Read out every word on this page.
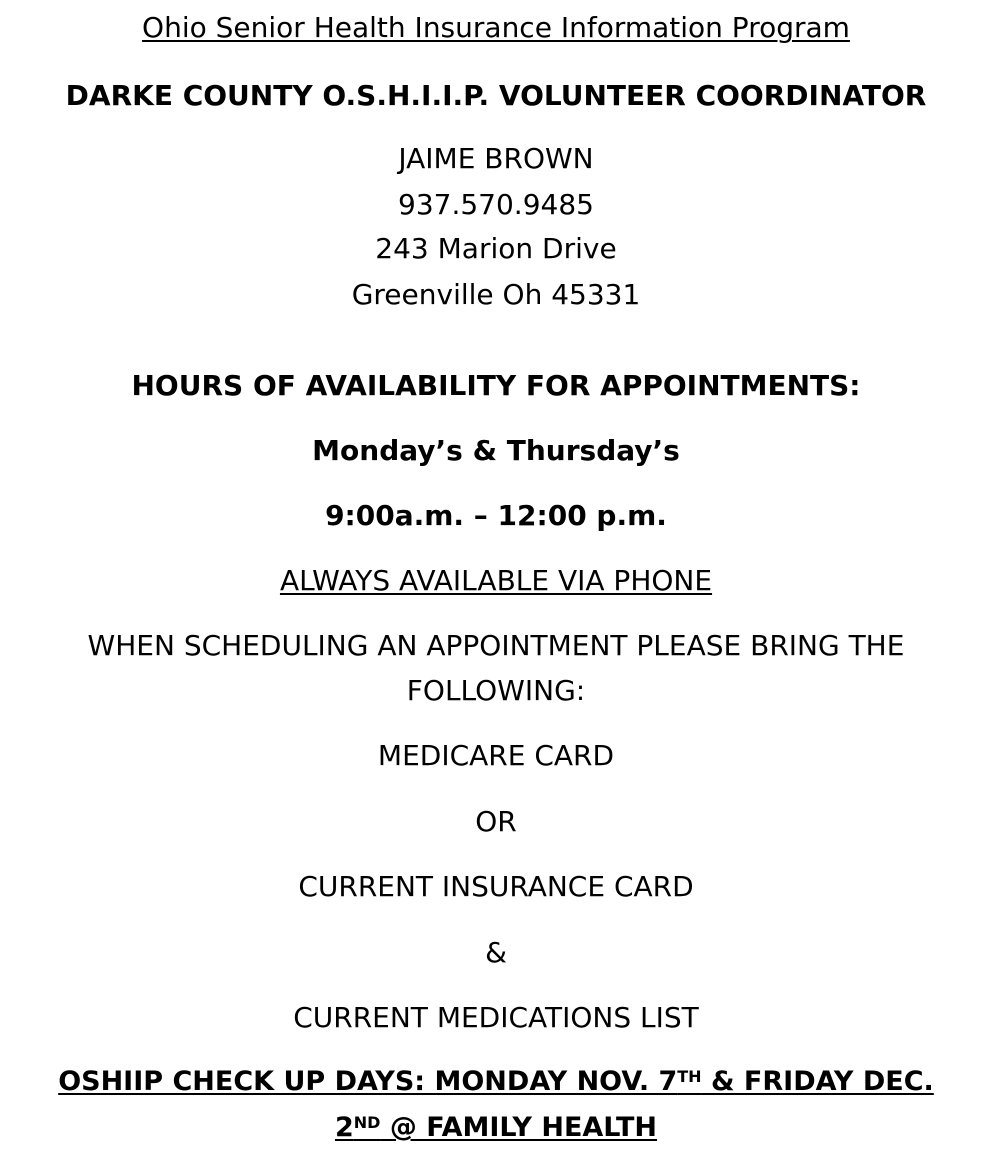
Ohio Senior Health Insurance Information Program
DARKE COUNTY O.S.H.I.I.P. VOLUNTEER COORDINATOR
JAIME BROWN
937.570.9485
243 Marion Drive
Greenville Oh 45331
HOURS OF AVAILABILITY FOR APPOINTMENTS:
Monday’s & Thursday’s
9:00a.m. – 12:00 p.m.
ALWAYS AVAILABLE VIA PHONE
WHEN SCHEDULING AN APPOINTMENT PLEASE BRING THE
FOLLOWING:
MEDICARE CARD
OR
CURRENT INSURANCE CARD
&
CURRENT MEDICATIONS LIST
OSHIIP CHECK UP DAYS: MONDAY NOV. 7TH & FRIDAY DEC.
2ND @ FAMILY HEALTH
